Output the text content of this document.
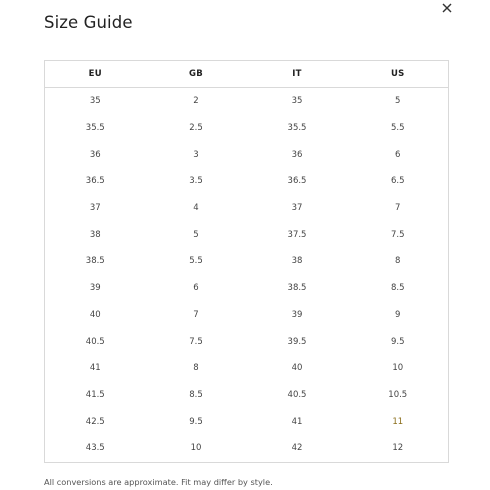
Size Guide
EU	GB	IT	US
35	2	35	5
35.5	2.5	35.5	5.5
36	3	36	6
36.5	3.5	36.5	6.5
37	4	37	7
38	5	37.5	7.5
38.5	5.5	38	8
39	6	38.5	8.5
40	7	39	9
40.5	7.5	39.5	9.5
41	8	40	10
41.5	8.5	40.5	10.5
42.5	9.5	41	11
43.5	10	42	12

All conversions are approximate. Fit may differ by style.
